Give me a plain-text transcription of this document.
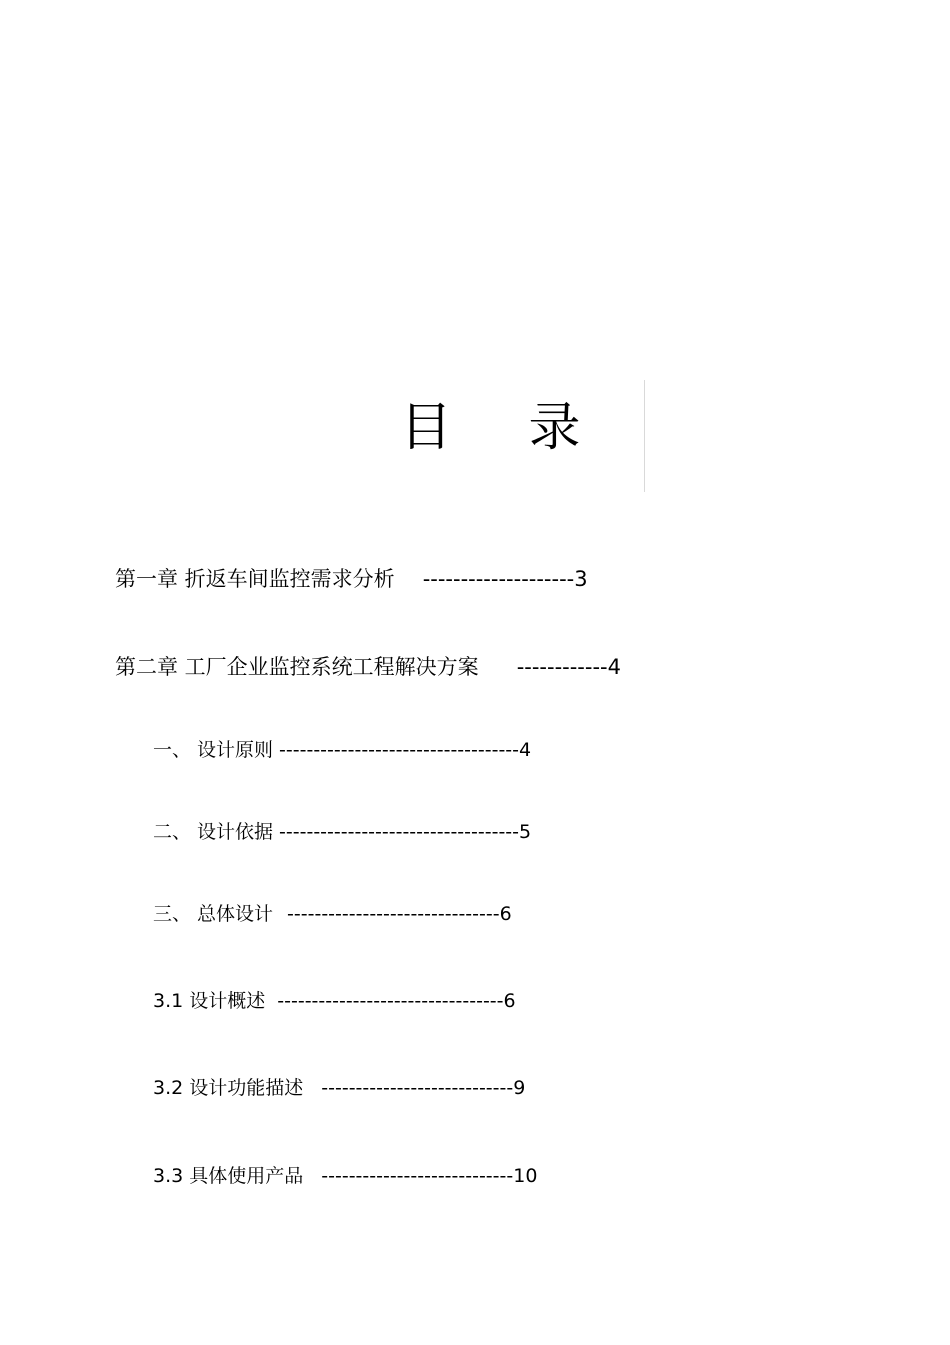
目 录
第一章 折返车间监控需求分析 -------------------- 3
第二章 工厂企业监控系统工程解决方案 ------------ 4
一、 设计原则 ----------------------------------- 4
二、 设计依据 ----------------------------------- 5
三、 总体设计 ------------------------------- 6
3.1 设计概述 --------------------------------- 6
3.2 设计功能描述 ---------------------------- 9
3.3 具体使用产品 ---------------------------- 10
